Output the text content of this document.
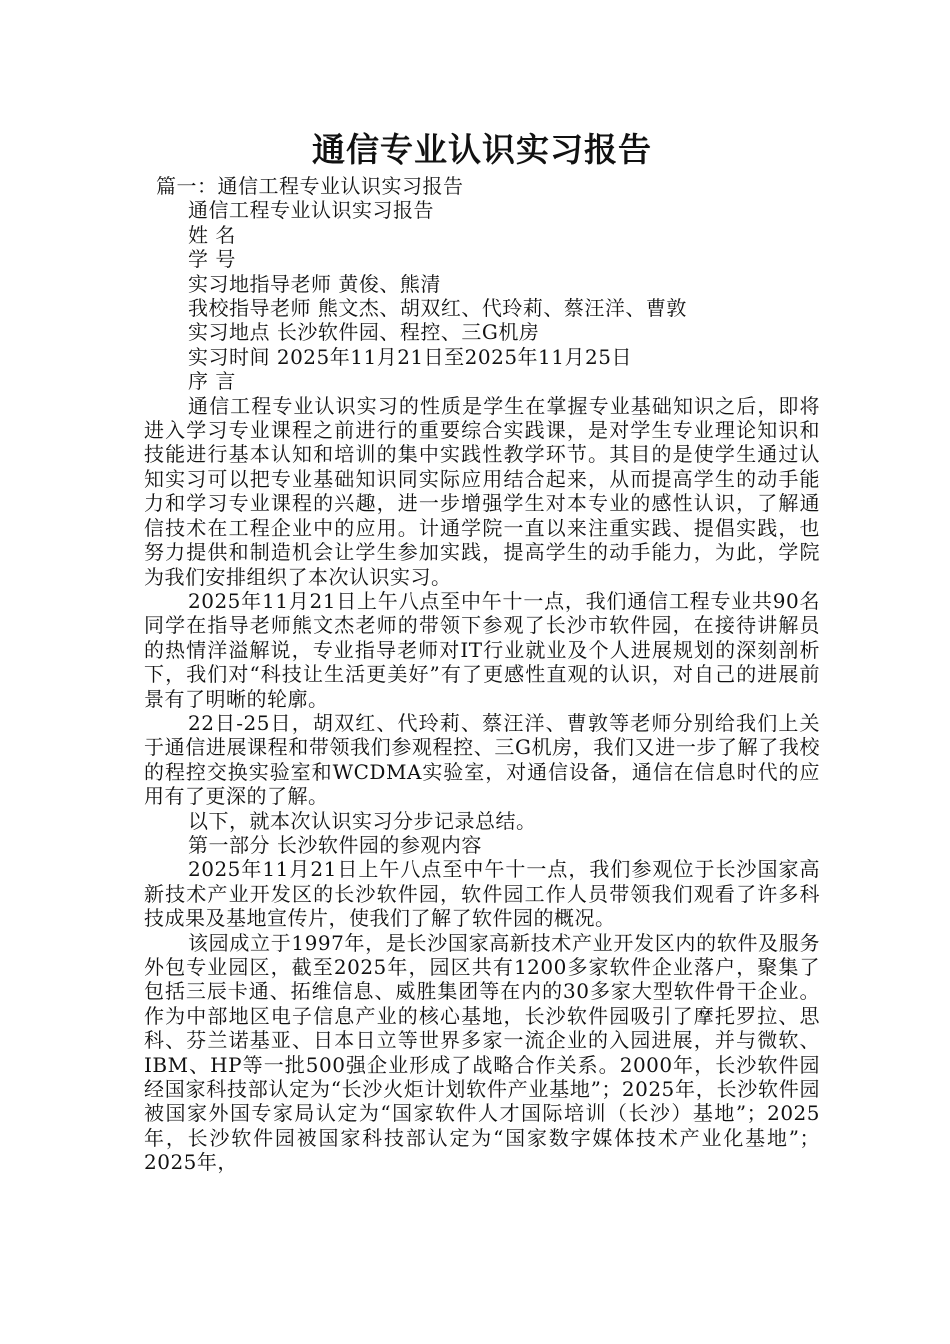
通信专业认识实习报告

篇一：通信工程专业认识实习报告

通信工程专业认识实习报告

姓 名

学 号

实习地指导老师 黄俊、熊清

我校指导老师 熊文杰、胡双红、代玲莉、蔡汪洋、曹敦

实习地点 长沙软件园、程控、三G机房

实习时间 2025年11月21日至2025年11月25日

序 言

通信工程专业认识实习的性质是学生在掌握专业基础知识之后，即将进入学习专业课程之前进行的重要综合实践课，是对学生专业理论知识和技能进行基本认知和培训的集中实践性教学环节。其目的是使学生通过认知实习可以把专业基础知识同实际应用结合起来，从而提高学生的动手能力和学习专业课程的兴趣，进一步增强学生对本专业的感性认识，了解通信技术在工程企业中的应用。计通学院一直以来注重实践、提倡实践，也努力提供和制造机会让学生参加实践，提高学生的动手能力，为此，学院为我们安排组织了本次认识实习。

2025年11月21日上午八点至中午十一点，我们通信工程专业共90名同学在指导老师熊文杰老师的带领下参观了长沙市软件园，在接待讲解员的热情洋溢解说，专业指导老师对IT行业就业及个人进展规划的深刻剖析下，我们对“科技让生活更美好”有了更感性直观的认识，对自己的进展前景有了明晰的轮廓。

22日-25日，胡双红、代玲莉、蔡汪洋、曹敦等老师分别给我们上关于通信进展课程和带领我们参观程控、三G机房，我们又进一步了解了我校的程控交换实验室和WCDMA实验室，对通信设备，通信在信息时代的应用有了更深的了解。

以下，就本次认识实习分步记录总结。

第一部分 长沙软件园的参观内容

2025年11月21日上午八点至中午十一点，我们参观位于长沙国家高新技术产业开发区的长沙软件园，软件园工作人员带领我们观看了许多科技成果及基地宣传片，使我们了解了软件园的概况。

该园成立于1997年，是长沙国家高新技术产业开发区内的软件及服务外包专业园区，截至2025年，园区共有1200多家软件企业落户，聚集了包括三辰卡通、拓维信息、威胜集团等在内的30多家大型软件骨干企业。作为中部地区电子信息产业的核心基地，长沙软件园吸引了摩托罗拉、思科、芬兰诺基亚、日本日立等世界多家一流企业的入园进展，并与微软、IBM、HP等一批500强企业形成了战略合作关系。2000年，长沙软件园经国家科技部认定为“长沙火炬计划软件产业基地”；2025年，长沙软件园被国家外国专家局认定为“国家软件人才国际培训（长沙）基地”；2025年，长沙软件园被国家科技部认定为“国家数字媒体技术产业化基地”；2025年，
